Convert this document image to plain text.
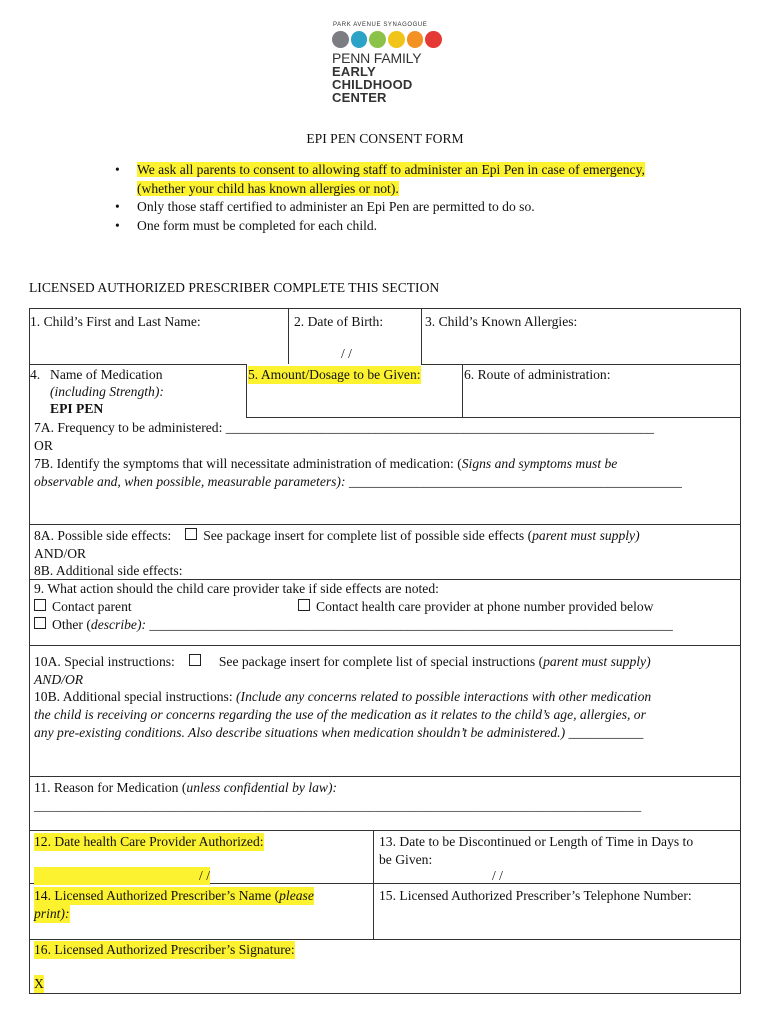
PARK AVENUE SYNAGOGUE
PENN FAMILY
EARLY
CHILDHOOD
CENTER
EPI PEN CONSENT FORM
• We ask all parents to consent to allowing staff to administer an Epi Pen in case of emergency, (whether your child has known allergies or not).
• Only those staff certified to administer an Epi Pen are permitted to do so.
• One form must be completed for each child.
LICENSED AUTHORIZED PRESCRIBER COMPLETE THIS SECTION
1. Child’s First and Last Name:	2. Date of Birth:
/ /
3. Child’s Known Allergies:
4. Name of Medication
(including Strength):
EPI PEN
5. Amount/Dosage to be Given:	6. Route of administration:
7A. Frequency to be administered: _______________________________________________________________
OR
7B. Identify the symptoms that will necessitate administration of medication: (Signs and symptoms must be
observable and, when possible, measurable parameters): _________________________________________________
8A. Possible side effects: See package insert for complete list of possible side effects (parent must supply)
AND/OR
8B. Additional side effects:
9. What action should the child care provider take if side effects are noted:
Contact parent	Contact health care provider at phone number provided below
Other (describe): _____________________________________________________________________________
10A. Special instructions:	See package insert for complete list of special instructions (parent must supply)
AND/OR
10B. Additional special instructions: (Include any concerns related to possible interactions with other medication
the child is receiving or concerns regarding the use of the medication as it relates to the child’s age, allergies, or
any pre-existing conditions. Also describe situations when medication shouldn’t be administered.) ___________
11. Reason for Medication (unless confidential by law):
__________________________________________________________________________________________________
12. Date health Care Provider Authorized:
/ /
13. Date to be Discontinued or Length of Time in Days to
be Given:
/ /
14. Licensed Authorized Prescriber’s Name (please
print):
15. Licensed Authorized Prescriber’s Telephone Number:
16. Licensed Authorized Prescriber’s Signature:
X
